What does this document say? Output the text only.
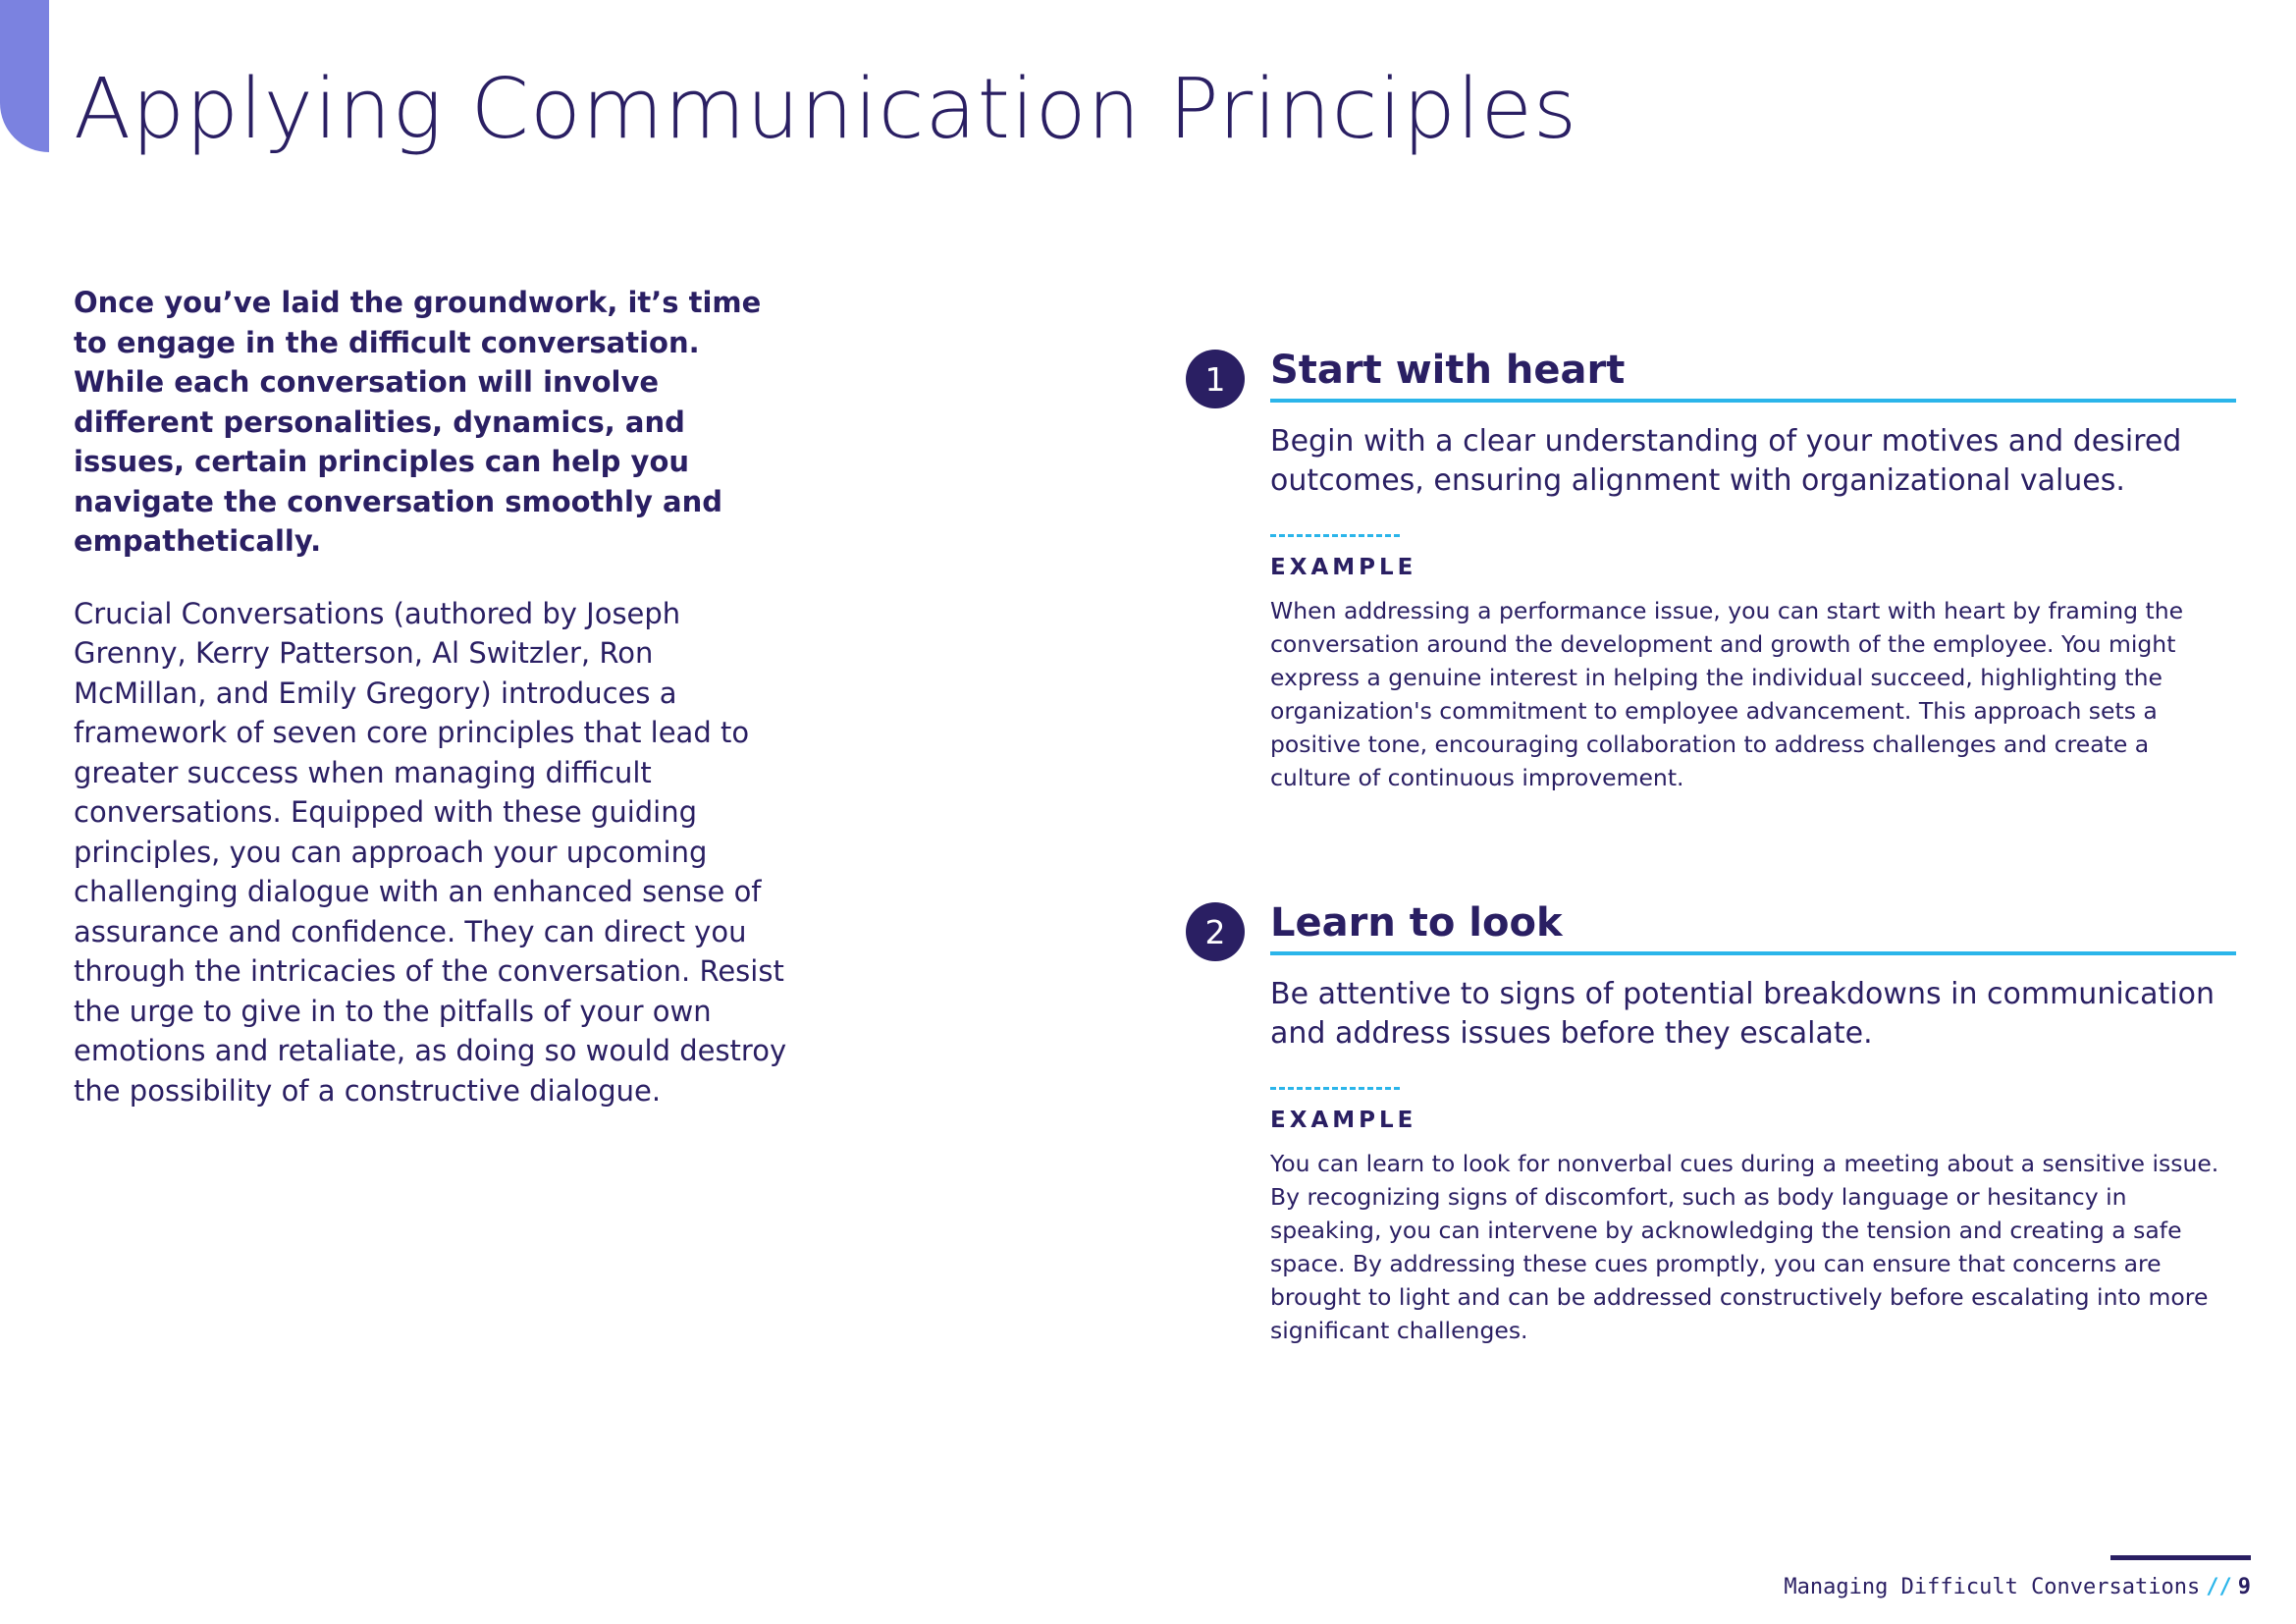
Applying Communication Principles

Once you’ve laid the groundwork, it’s time to engage in the difficult conversation. While each conversation will involve different personalities, dynamics, and issues, certain principles can help you navigate the conversation smoothly and empathetically.

Crucial Conversations (authored by Joseph Grenny, Kerry Patterson, Al Switzler, Ron McMillan, and Emily Gregory) introduces a framework of seven core principles that lead to greater success when managing difficult conversations. Equipped with these guiding principles, you can approach your upcoming challenging dialogue with an enhanced sense of assurance and confidence. They can direct you through the intricacies of the conversation. Resist the urge to give in to the pitfalls of your own emotions and retaliate, as doing so would destroy the possibility of a constructive dialogue.

1	Start with heart

Begin with a clear understanding of your motives and desired outcomes, ensuring alignment with organizational values.

EXAMPLE

When addressing a performance issue, you can start with heart by framing the conversation around the development and growth of the employee. You might express a genuine interest in helping the individual succeed, highlighting the organization's commitment to employee advancement. This approach sets a positive tone, encouraging collaboration to address challenges and create a culture of continuous improvement.

2	Learn to look

Be attentive to signs of potential breakdowns in communication and address issues before they escalate.

EXAMPLE

You can learn to look for nonverbal cues during a meeting about a sensitive issue. By recognizing signs of discomfort, such as body language or hesitancy in speaking, you can intervene by acknowledging the tension and creating a safe space. By addressing these cues promptly, you can ensure that concerns are brought to light and can be addressed constructively before escalating into more significant challenges.

Managing Difficult Conversations // 9
